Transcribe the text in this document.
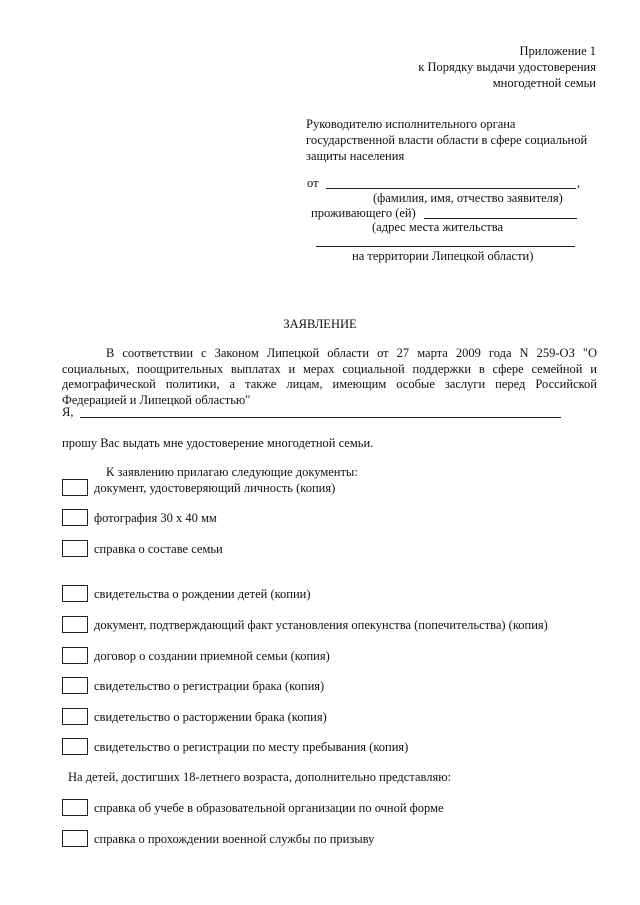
Приложение 1
к Порядку выдачи удостоверения
многодетной семьи
Руководителю исполнительного органа
государственной власти области в сфере социальной
защиты населения
от	,
(фамилия, имя, отчество заявителя)
проживающего (ей)
(адрес места жительства
на территории Липецкой области)
ЗАЯВЛЕНИЕ
В соответствии с Законом Липецкой области от 27 марта 2009 года N 259-ОЗ "О социальных, поощрительных выплатах и мерах социальной поддержки в сфере семейной и демографической политики, а также лицам, имеющим особые заслуги перед Российской Федерацией и Липецкой областью"
Я,
прошу Вас выдать мне удостоверение многодетной семьи.
К заявлению прилагаю следующие документы:
документ, удостоверяющий личность (копия)
фотография 30 х 40 мм
справка о составе семьи
свидетельства о рождении детей (копии)
документ, подтверждающий факт установления опекунства (попечительства) (копия)
договор о создании приемной семьи (копия)
свидетельство о регистрации брака (копия)
свидетельство о расторжении брака (копия)
свидетельство о регистрации по месту пребывания (копия)
На детей, достигших 18-летнего возраста, дополнительно представляю:
справка об учебе в образовательной организации по очной форме
справка о прохождении военной службы по призыву
